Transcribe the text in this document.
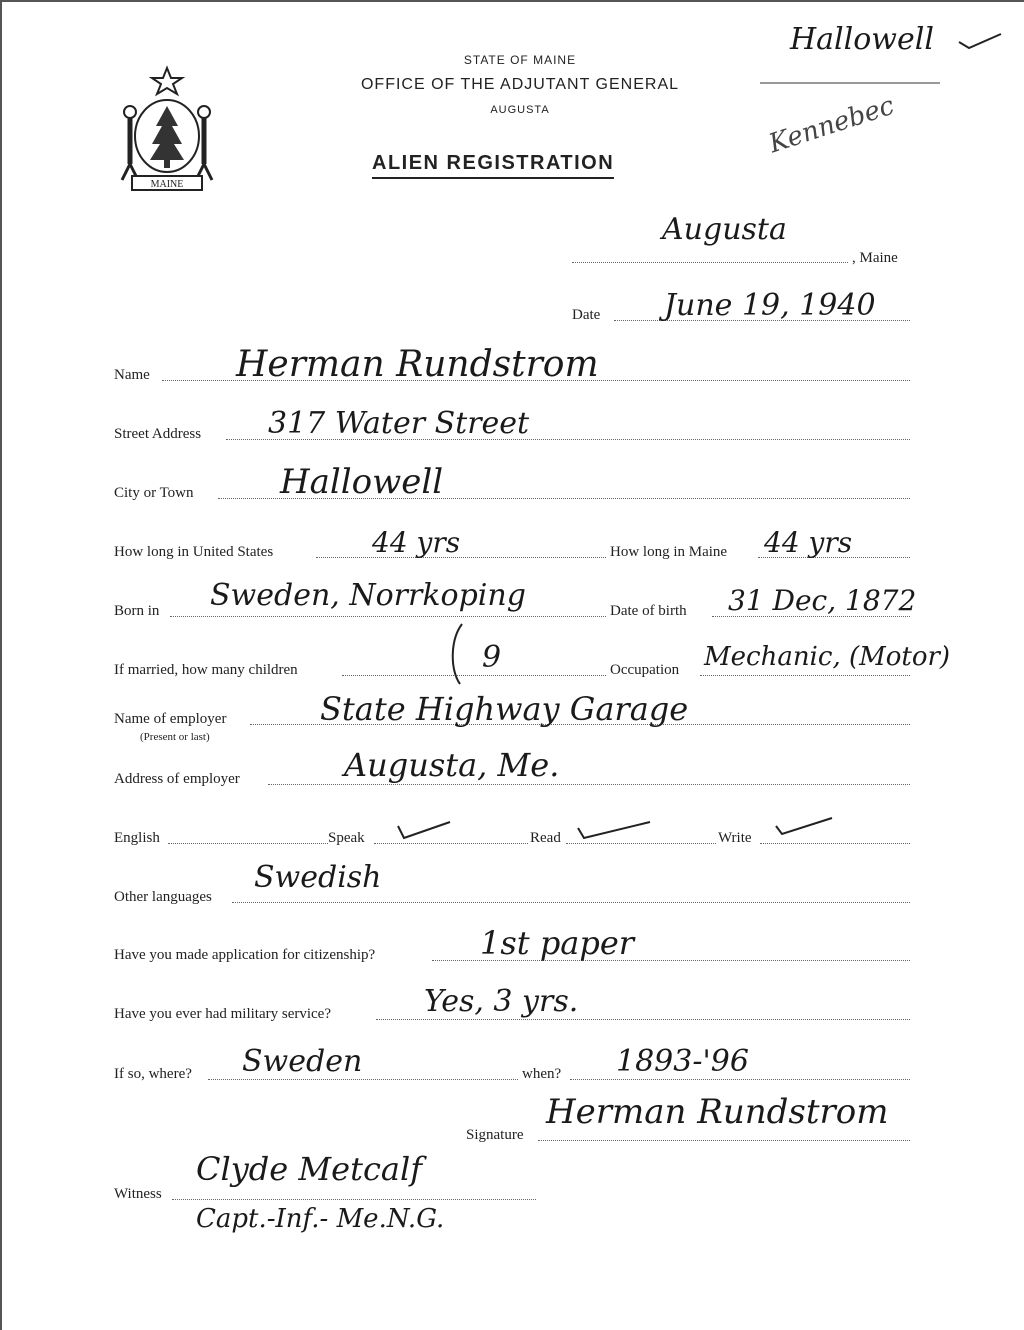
MAINE
STATE OF MAINE
OFFICE OF THE ADJUTANT GENERAL
AUGUSTA
ALIEN REGISTRATION
Hallowell
Kennebec
Augusta
, Maine
Date June 19, 1940
Name Herman Rundstrom
Street Address 317 Water Street
City or Town	Hallowell
How long in United States	44 yrs	How long in Maine 44 yrs
Born in Sweden, Norrkoping	Date of birth 31 Dec, 1872
If married, how many children	9	Occupation Mechanic, (Motor)
Name of employer
(Present or last)
State Highway Garage
Address of employer	Augusta, Me.
English	Speak	Read	Write
Other languages
Swedish
Have you made application for citizenship?	1st paper
Have you ever had military service?	Yes, 3 yrs.
If so, where? Sweden	when? 1893-'96
Signature
Herman Rundstrom
Witness
Clyde Metcalf
Capt.-Inf.- Me.N.G.
